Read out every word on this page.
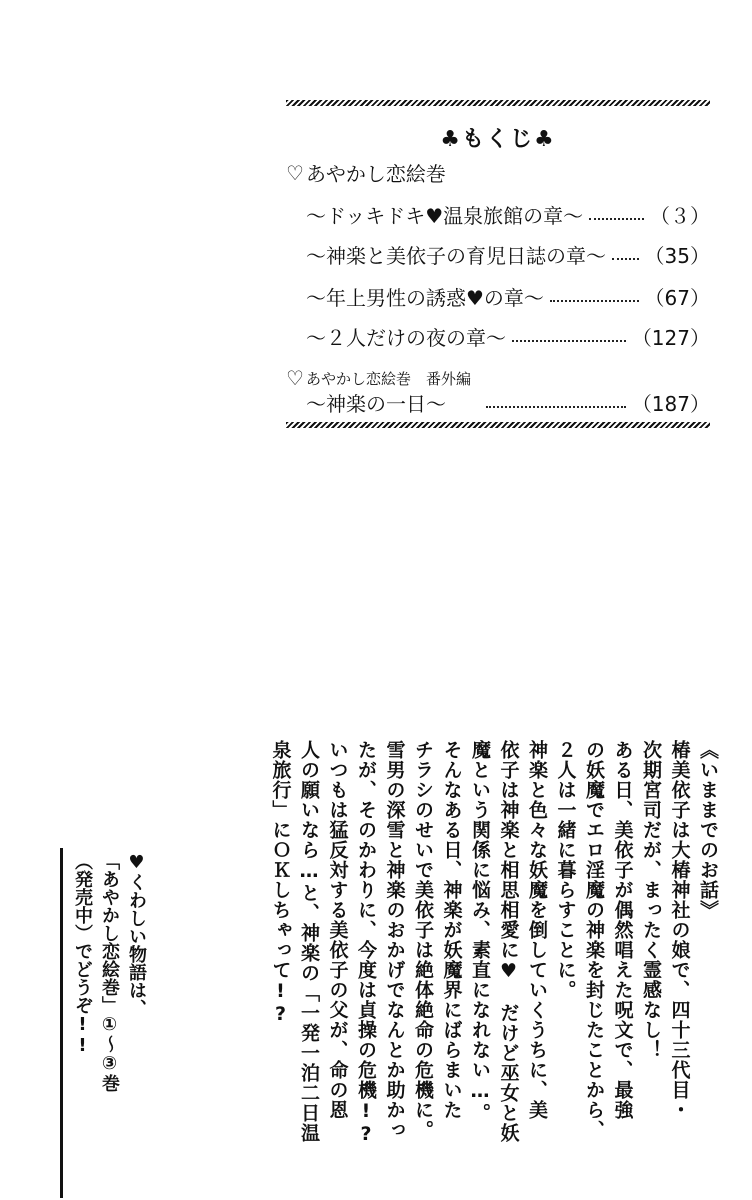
♣もくじ♣
♡ あやかし恋絵巻
〜ドッキドキ♥温泉旅館の章〜	（３）
〜神楽と美依子の育児日誌の章〜 （35）
〜年上男性の誘惑♥の章〜	（67）
〜２人だけの夜の章〜	（127）
♡ あやかし恋絵巻　番外編
〜神楽の一日〜	（187）

《いままでのお話》

椿美依子は大椿神社の娘で、四十三代目・

次期宮司だが、まったく霊感なし！

ある日、美依子が偶然唱えた呪文で、最強

の妖魔でエロ淫魔の神楽を封じたことから、

２人は一緒に暮らすことに。

神楽と色々な妖魔を倒していくうちに、美

依子は神楽と相思相愛に♥　だけど巫女と妖

魔という関係に悩み、素直になれない…。

そんなある日、神楽が妖魔界にばらまいた

チラシのせいで美依子は絶体絶命の危機に。

雪男の深雪と神楽のおかげでなんとか助かっ

たが、そのかわりに、今度は貞操の危機!?

いつもは猛反対する美依子の父が、命の恩

人の願いなら…と、神楽の「一発一泊二日温

泉旅行」にＯＫしちゃって!?

♥くわしい物語は、

「あやかし恋絵巻」①〜③巻

（発売中）でどうぞ!!
